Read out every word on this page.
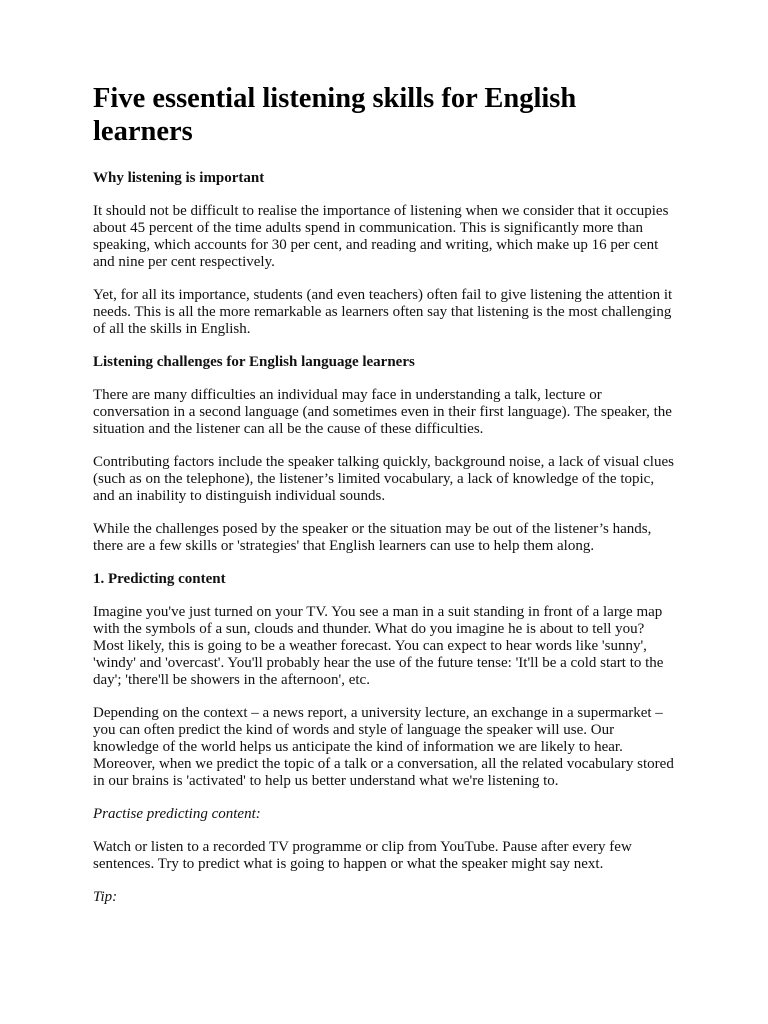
Five essential listening skills for English learners
Why listening is important

It should not be difficult to realise the importance of listening when we consider that it occupies about 45 percent of the time adults spend in communication. This is significantly more than speaking, which accounts for 30 per cent, and reading and writing, which make up 16 per cent and nine per cent respectively.

Yet, for all its importance, students (and even teachers) often fail to give listening the attention it needs. This is all the more remarkable as learners often say that listening is the most challenging of all the skills in English.

Listening challenges for English language learners

There are many difficulties an individual may face in understanding a talk, lecture or conversation in a second language (and sometimes even in their first language). The speaker, the situation and the listener can all be the cause of these difficulties.

Contributing factors include the speaker talking quickly, background noise, a lack of visual clues (such as on the telephone), the listener’s limited vocabulary, a lack of knowledge of the topic, and an inability to distinguish individual sounds.

While the challenges posed by the speaker or the situation may be out of the listener’s hands, there are a few skills or 'strategies' that English learners can use to help them along.

1. Predicting content

Imagine you've just turned on your TV. You see a man in a suit standing in front of a large map with the symbols of a sun, clouds and thunder. What do you imagine he is about to tell you? Most likely, this is going to be a weather forecast. You can expect to hear words like 'sunny', 'windy' and 'overcast'. You'll probably hear the use of the future tense: 'It'll be a cold start to the day'; 'there'll be showers in the afternoon', etc.

Depending on the context – a news report, a university lecture, an exchange in a supermarket – you can often predict the kind of words and style of language the speaker will use. Our knowledge of the world helps us anticipate the kind of information we are likely to hear. Moreover, when we predict the topic of a talk or a conversation, all the related vocabulary stored in our brains is 'activated' to help us better understand what we're listening to.

Practise predicting content:

Watch or listen to a recorded TV programme or clip from YouTube. Pause after every few sentences. Try to predict what is going to happen or what the speaker might say next.

Tip:
